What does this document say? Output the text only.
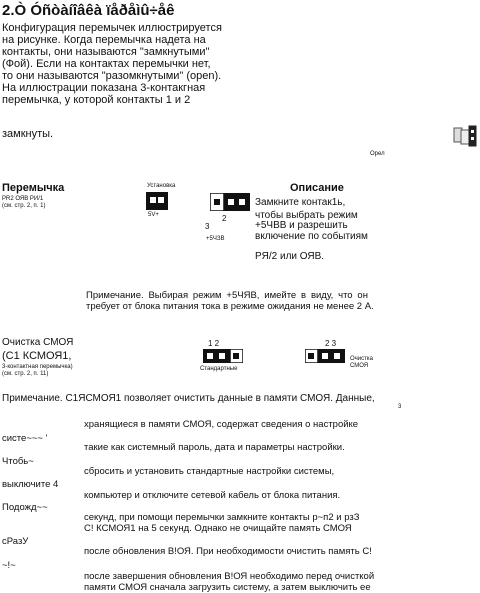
2.Ò Óñòàíîâêà ïåðåìû÷åê
Конфигурация перемычек иллюстрируется
на рисунке. Когда перемычка надета на
контакты, они называются "замкнутыми"
(Фой). Если на контактах перемычки нет,
то они называются "разомкнутыми" (open).
На иллюстрации показана 3-контакгная
перемычка, у которой контакты 1 и 2
замкнуты.
Орел
Перемычка
PR2 ОЯВ PИ/1
(см. стр. 2, п. 1)
Установка
5V+	2
3
+5ЧЗВ
Описание
Замкните контак1ь,
чтобы выбрать режим
+5ЧВВ и разрешить
включение по событиям
PЯ/2 или ОЯВ.
Примечание. Выбирая режим +5ЧЯВ, имейте в виду, что он
требует от блока питания тока в режиме ожидания не менее 2 А.
Очистка СМОЯ
(С1 КСМОЯ1,
3-контактная перемычка)
(см. стр. 2, п. 11)
1 2
Стандартные
2 3
Очистка
СМОЯ
Примечание. С1ЯСМОЯ1 позволяет очистить данные в памяти СМОЯ. Данные,
3
хранящиеся в памяти СМОЯ, содержат сведения о настройке
систе~~~ '
такие как системный пароль, дата и параметры настройки.
Чтобь~
сбросить и установить стандартные настройки системы,
выключите 4
компьютер и отключите сетевой кабель от блока питания.
Подожд~~
секунд, при помощи перемычки замкните контакты р~п2 и рзЗ
С! КСМОЯ1 на 5 секунд. Однако не очищайте память СМОЯ
сРазУ
после обновления В!ОЯ. При необходимости очистить память С!
~!~
после завершения обновления В!ОЯ необходимо перед очисткой
памяти СМОЯ сначала загрузить систему, а затем выключить ее
